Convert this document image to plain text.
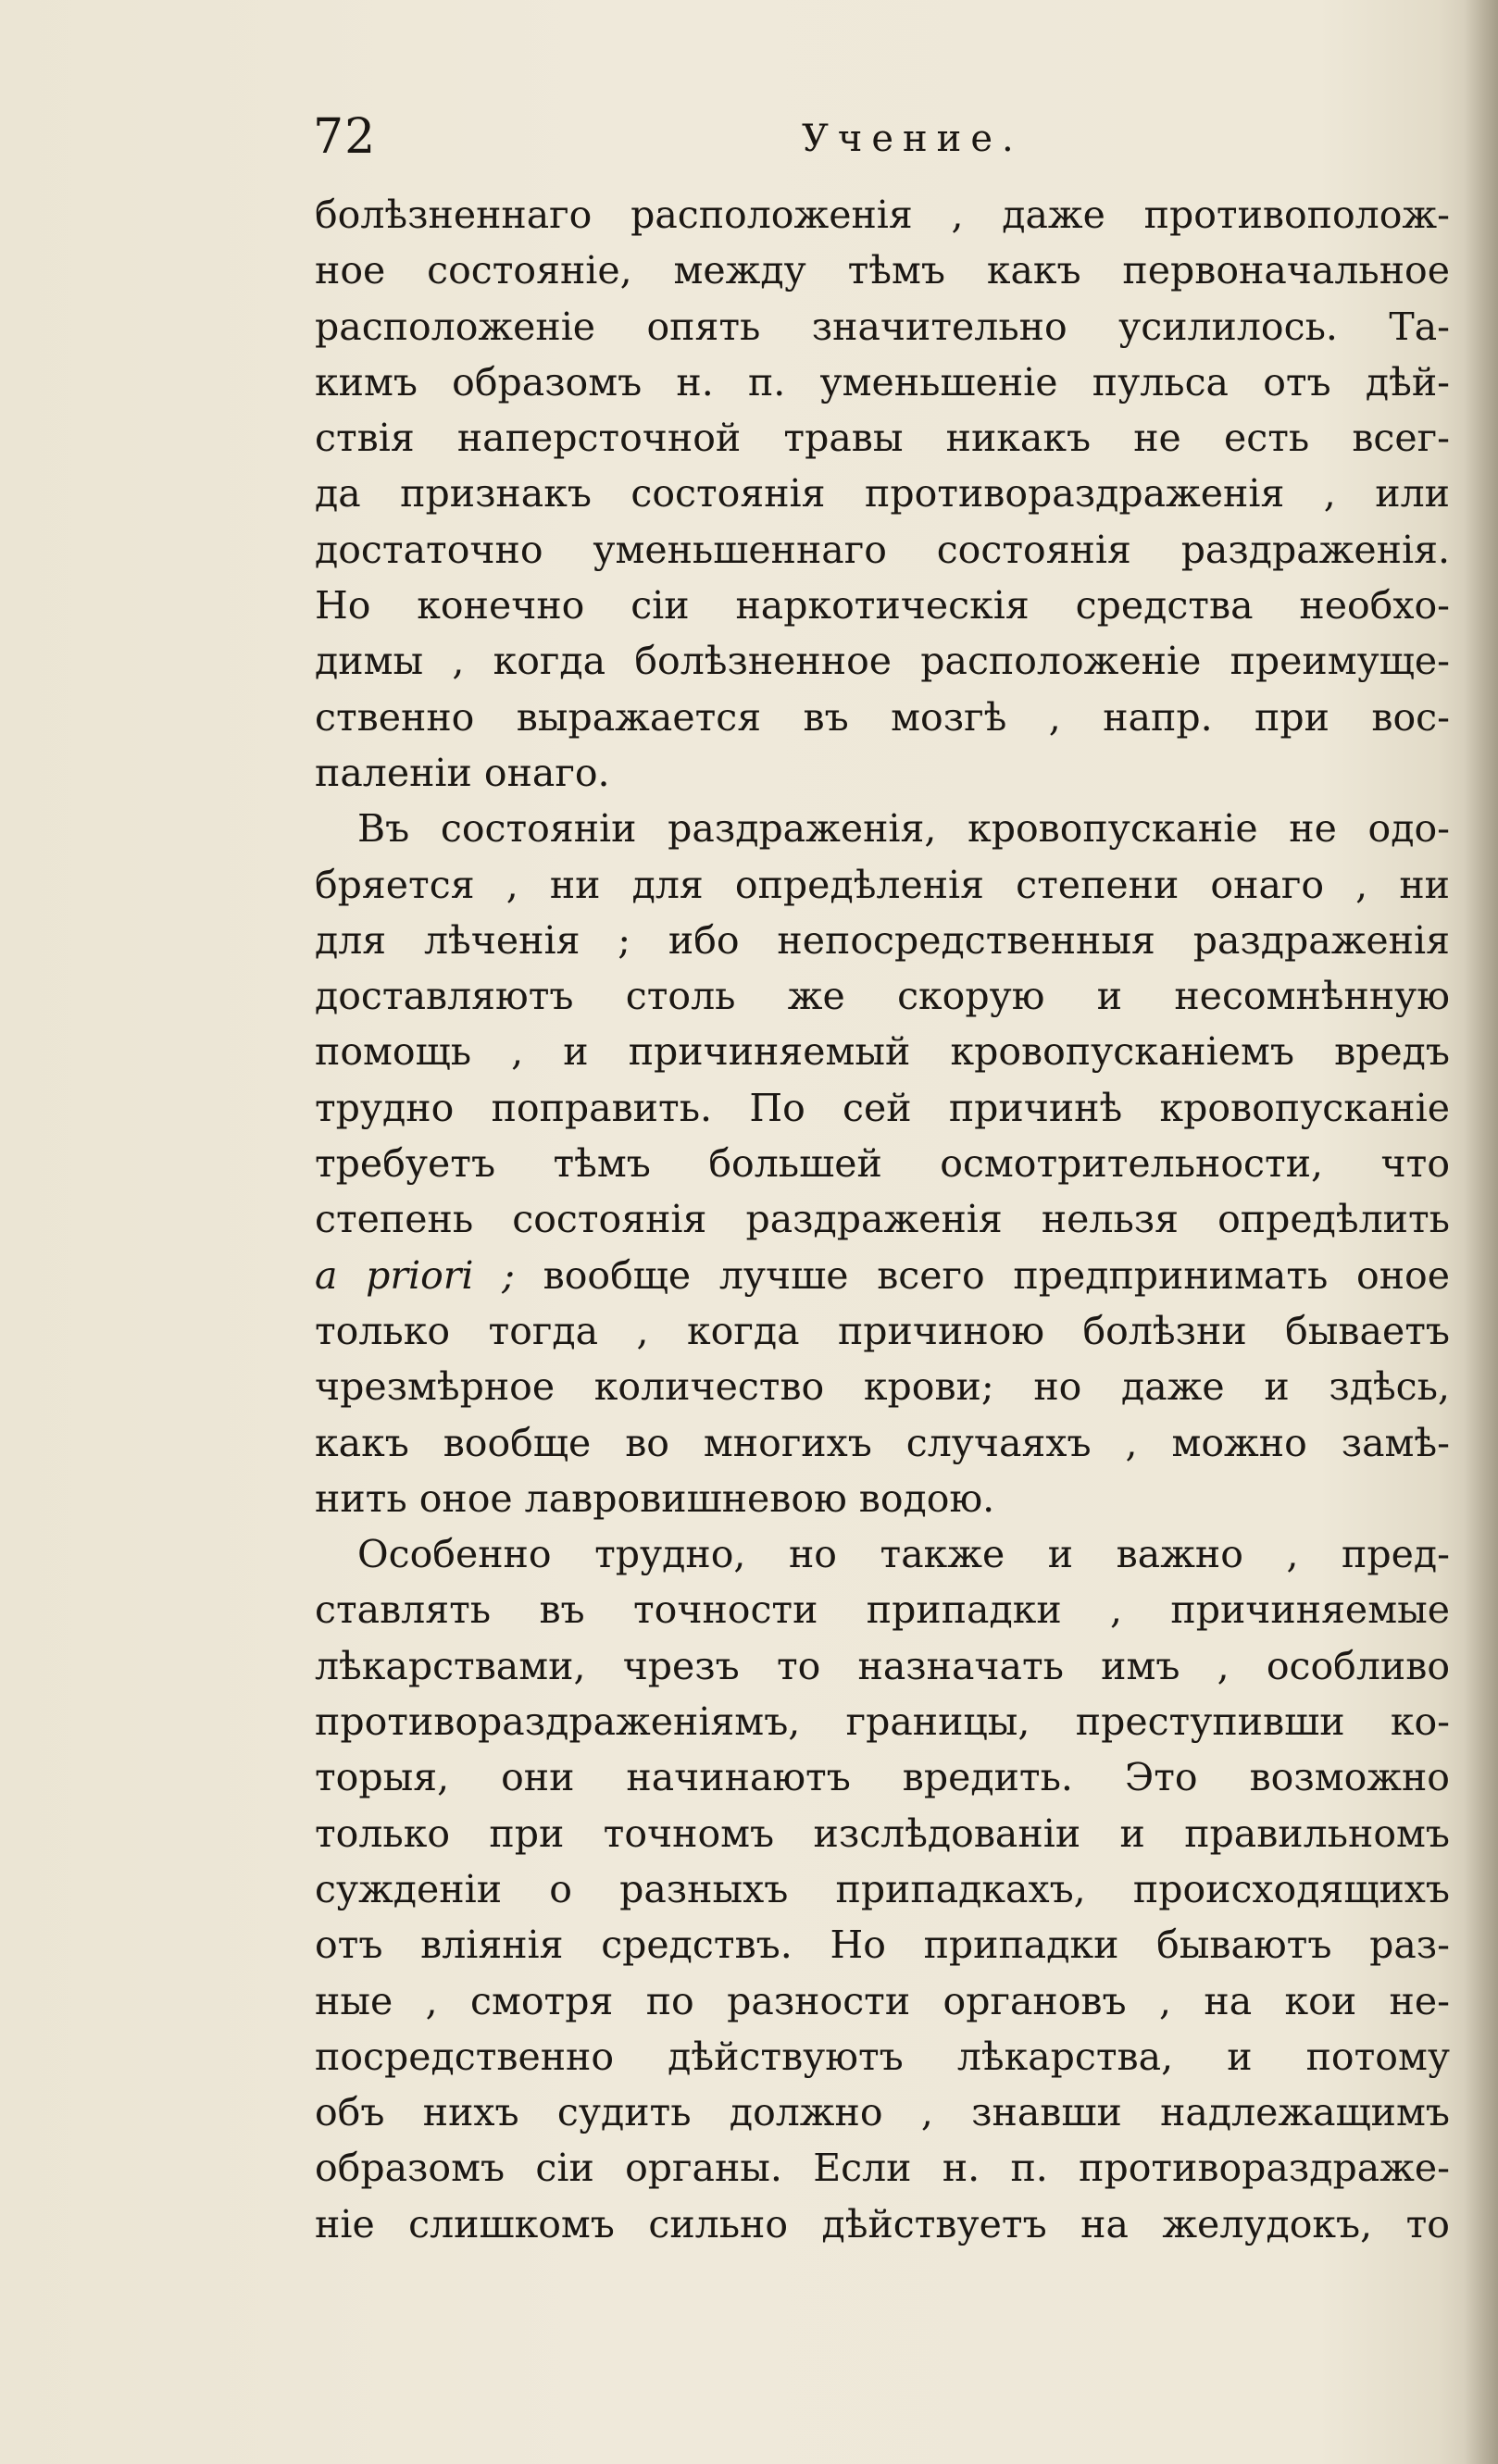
72	Учение.
болѣзненнаго расположенія , даже противополож-
ное состояніе, между тѣмъ какъ первоначальное
расположеніе опять значительно усилилось. Та-
кимъ образомъ н. п. уменьшеніе пульса отъ дѣй-
ствія наперсточной травы никакъ не есть всег-
да признакъ состоянія противораздраженія , или
достаточно уменьшеннаго состоянія раздраженія.
Но конечно сіи наркотическія средства необхо-
димы , когда болѣзненное расположеніе преимуще-
ственно выражается въ мозгѣ , напр. при вос-
паленіи онаго.
Въ состояніи раздраженія, кровопусканіе не одо-
бряется , ни для опредѣленія степени онаго , ни
для лѣченія ; ибо непосредственныя раздраженія
доставляютъ столь же скорую и несомнѣнную
помощь , и причиняемый кровопусканіемъ вредъ
трудно поправить. По сей причинѣ кровопусканіе
требуетъ тѣмъ большей осмотрительности, что
степень состоянія раздраженія нельзя опредѣлить
a priori ; вообще лучше всего предпринимать оное
только тогда , когда причиною болѣзни бываетъ
чрезмѣрное количество крови; но даже и здѣсь,
какъ вообще во многихъ случаяхъ , можно замѣ-
нить оное лавровишневою водою.
Особенно трудно, но также и важно , пред-
ставлять въ точности припадки , причиняемые
лѣкарствами, чрезъ то назначать имъ , особливо
противораздраженіямъ, границы, преступивши ко-
торыя, они начинаютъ вредить. Это возможно
только при точномъ изслѣдованіи и правильномъ
сужденіи о разныхъ припадкахъ, происходящихъ
отъ вліянія средствъ. Но припадки бываютъ раз-
ные , смотря по разности органовъ , на кои не-
посредственно дѣйствуютъ лѣкарства, и потому
объ нихъ судить должно , знавши надлежащимъ
образомъ сіи органы. Если н. п. противораздраже-
ніе слишкомъ сильно дѣйствуетъ на желудокъ, то
